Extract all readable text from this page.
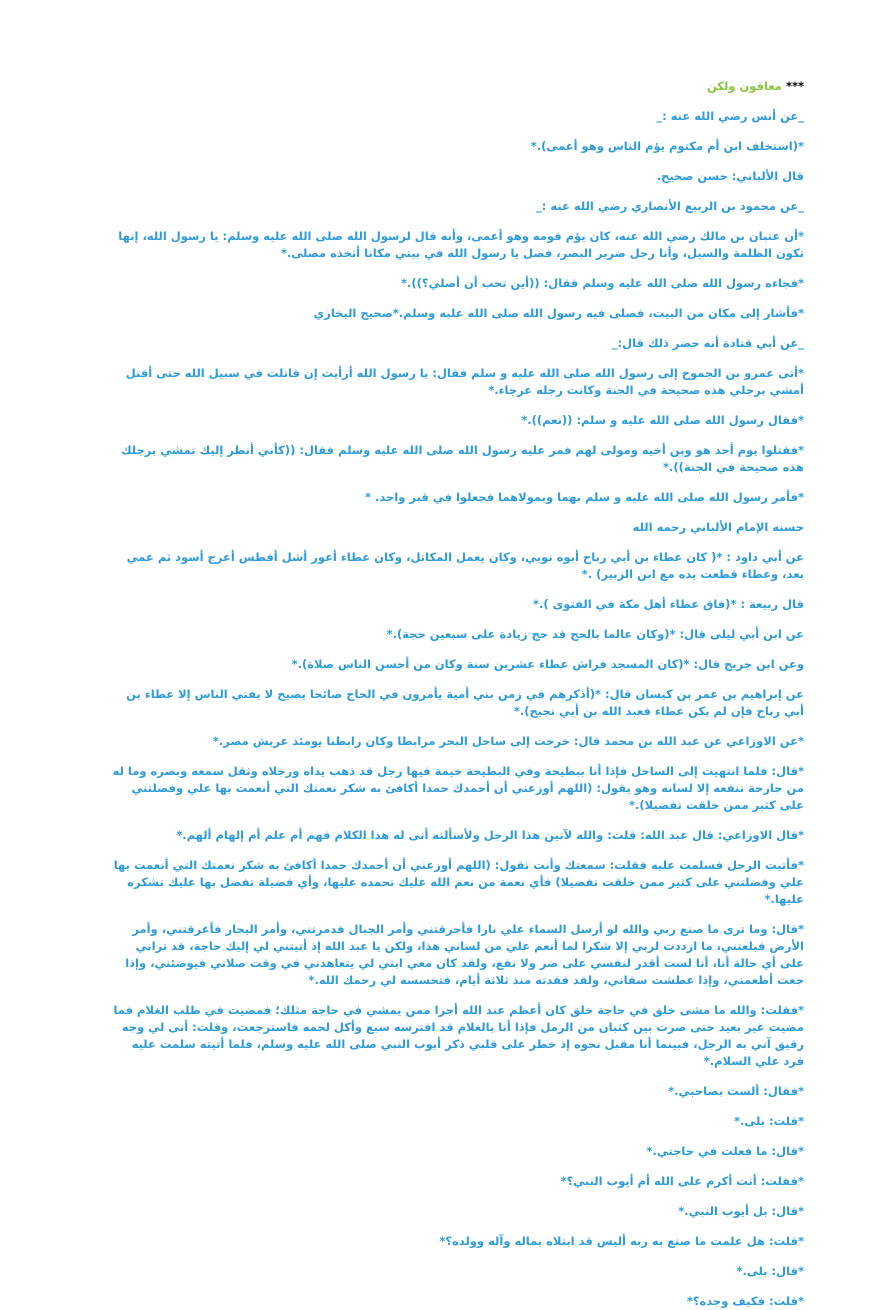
*** معاقون ولكن

_عن أنس رضي الله عنه :_

*(استخلف ابن أم مكتوم يؤم الناس وهو أعمى).*

قال الألباني: حسن صحيح.

_عن محمود بن الربيع الأنصاري رضي الله عنه :_

*أن عتبان بن مالك رضي الله عنه، كان يؤم قومه وهو أعمى، وأنه قال لرسول الله صلى الله عليه وسلم: يا رسول الله، إنها تكون الظلمة والسيل، وأنا رجل ضرير البصر، فصل يا رسول الله في بيتي مكانا أتخذه مصلى.*

*فجاءه رسول الله صلى الله عليه وسلم فقال: ((أين تحب أن أصلي؟)).*

*فأشار إلى مكان من البيت، فصلى فيه رسول الله صلى الله عليه وسلم.*صحيح البخاري

_عن أبي قتادة أنه حضر ذلك قال:_

*أتى عمرو بن الجموح إلى رسول الله صلى الله عليه و سلم فقال: يا رسول الله أرأيت إن قاتلت في سبيل الله حتى أقتل أمشي برجلي هذه صحيحة في الجنة وكانت رجله عرجاء.*

*فقال رسول الله صلى الله عليه و سلم: ((نعم)).*

*فقتلوا يوم أحد هو وبن أخيه ومولى لهم فمر عليه رسول الله صلى الله عليه وسلم فقال: ((كأني أنظر إليك تمشي برجلك هذه صحيحة في الجنة)).*

*فأمر رسول الله صلى الله عليه و سلم بهما وبمولاهما فجعلوا في قبر واحد. *

حسنه الإمام الألباني رحمه الله

عن أبي داود : *( كان عطاء بن أبي رباح أبوه نوبي، وكان يعمل المكاتل، وكان عطاء أعور أشل أفطس أعرج أسود ثم عمي بعد، وعطاء قطعت يده مع ابن الزبير) .*

قال ربيعة : *(فاق عطاء أهل مكة في الفتوى ).*

عن ابن أبي ليلى قال: *(وكان عالما بالحج قد حج زيادة على سبعين حجة).*

وعن ابن جريج قال: *(كان المسجد فراش عطاء عشرين سنة وكان من أحسن الناس صلاة).*

عن إبراهيم بن عمر بن كيسان قال: *(أذكرهم في زمن بني أمية يأمرون في الحاج صائحا يصيح لا يفتي الناس إلا عطاء بن أبي رباح فإن لم يكن عطاء فعبد الله بن أبي نجيح).*

*عن الاوزاعي عن عبد الله بن محمد قال: خرجت إلى ساحل البحر مرابطا وكان رابطنا يومئذ عريش مصر.*

*قال: فلما انتهيت إلى الساحل فإذا أنا ببطيحة وفي البطيحة خيمة فيها رجل قد ذهب يداه ورجلاه وثقل سمعه وبصره وما له من جارحة تنفعه إلا لسانه وهو يقول: (اللهم أوزعني أن أحمدك حمدا أكافئ به شكر نعمتك التي أنعمت بها علي وفضلتني على كثير ممن خلقت تفضيلا).*

*قال الاوزاعي: قال عبد الله: قلت: والله لآتين هذا الرجل ولأسألنه أنى له هذا الكلام فهم أم علم أم إلهام ألهم.*

*فأتيت الرجل فسلمت عليه فقلت: سمعتك وأنت تقول: (اللهم أوزعني أن أحمدك حمدا أكافئ به شكر نعمتك التي أنعمت بها علي وفضلتني على كثير ممن خلقت تفضيلا) فأي نعمة من نعم الله عليك تحمده عليها، وأي فضيلة تفضل بها عليك تشكره عليها.*

*قال: وما ترى ما صنع ربي والله لو أرسل السماء علي نارا فأحرقتني وأمر الجبال فدمرتني، وأمر البحار فأغرقتني، وأمر الأرض فبلعتني، ما ازددت لربي إلا شكرا لما أنعم علي من لساني هذا، ولكن يا عبد الله إذ أتيتني لي إليك حاجة، قد تراني على أي حالة أنا، أنا لست أقدر لنفسي على ضر ولا نفع، ولقد كان معي ابني لي يتعاهدني في وقت صلاتي فيوضئني، وإذا جعت أطعمني، وإذا عطشت سقاني، ولقد فقدته منذ ثلاثة أيام، فتحسسه لي رحمك الله.*

*فقلت: والله ما مشى خلق في حاجة خلق كان أعظم عند الله أجرا ممن يمشي في حاجة مثلك؛ فمضيت في طلب الغلام فما مضيت غير بعيد حتى صرت بين كثبان من الرمل فإذا أنا بالغلام قد افترسه سبع وأكل لحمه فاسترجعت، وقلت: أنى لي وجه رقيق آتي به الرجل، فبينما أنا مقبل نحوه إذ خطر على قلبي ذكر أيوب النبي صلى الله عليه وسلم، فلما أتيته سلمت عليه فرد علي السلام.*

*فقال: ألست بصاحبي.*

*قلت: بلى.*

*قال: ما فعلت في حاجتي.*

*فقلت: أنت أكرم على الله أم أيوب النبي؟*

*قال: بل أيوب النبي.*

*قلت: هل علمت ما صنع به ربه أليس قد ابتلاه بماله وآله وولده؟*

*قال: بلى.*

*قلت: فكيف وجده؟*
